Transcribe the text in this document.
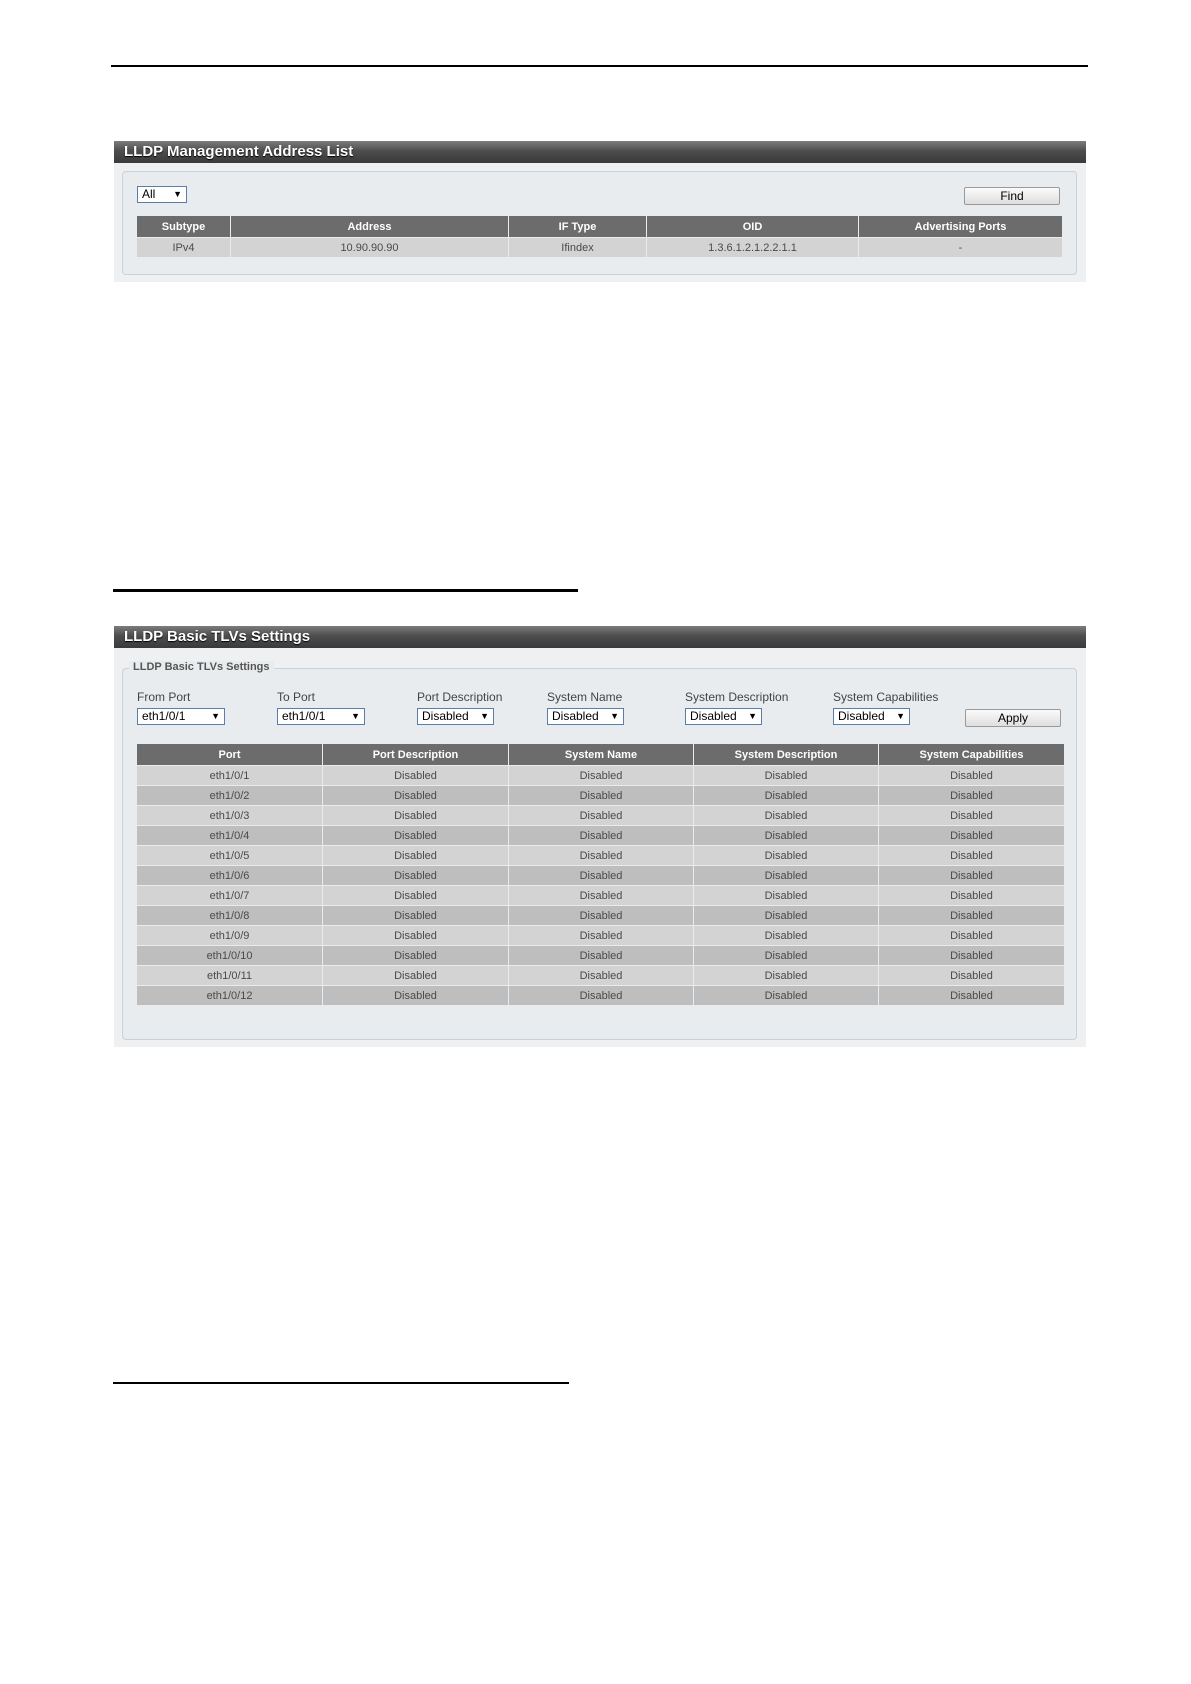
LLDP Management Address List
All ▼	Find
Subtype	Address	IF Type	OID	Advertising Ports
IPv4	10.90.90.90	Ifindex	1.3.6.1.2.1.2.2.1.1	-
LLDP Basic TLVs Settings
LLDP Basic TLVs Settings
From Port
eth1/0/1	▼
To Port
eth1/0/1	▼
Port Description
Disabled ▼
System Name
Disabled ▼
System Description
Disabled ▼
System Capabilities
Disabled ▼	Apply
Port	Port Description	System Name	System Description	System Capabilities
eth1/0/1	Disabled	Disabled	Disabled	Disabled
eth1/0/2	Disabled	Disabled	Disabled	Disabled
eth1/0/3	Disabled	Disabled	Disabled	Disabled
eth1/0/4	Disabled	Disabled	Disabled	Disabled
eth1/0/5	Disabled	Disabled	Disabled	Disabled
eth1/0/6	Disabled	Disabled	Disabled	Disabled
eth1/0/7	Disabled	Disabled	Disabled	Disabled
eth1/0/8	Disabled	Disabled	Disabled	Disabled
eth1/0/9	Disabled	Disabled	Disabled	Disabled
eth1/0/10	Disabled	Disabled	Disabled	Disabled
eth1/0/11	Disabled	Disabled	Disabled	Disabled
eth1/0/12	Disabled	Disabled	Disabled	Disabled
